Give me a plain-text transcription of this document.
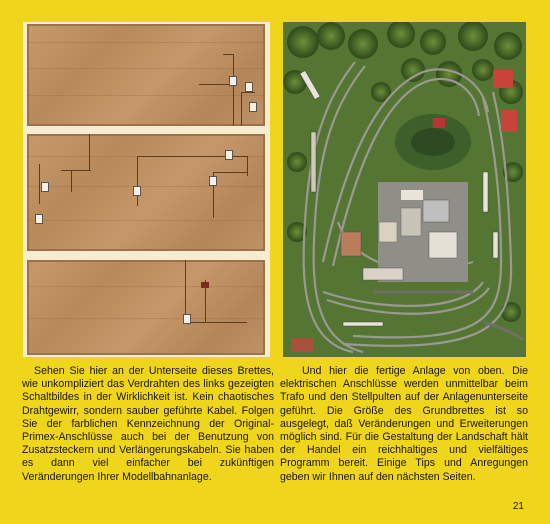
Sehen Sie hier an der Unterseite dieses Brettes, wie unkompliziert das Verdrahten des links gezeigten Schaltbildes in der Wirklichkeit ist. Kein chaotisches Drahtgewirr, sondern sauber geführte Kabel. Folgen Sie der farblichen Kennzeichnung der Original-Primex-Anschlüsse auch bei der Benutzung von Zusatzsteckern und Verlängerungskabeln. Sie haben es dann viel einfacher bei zukünftigen Veränderungen Ihrer Modellbahnanlage.

Und hier die fertige Anlage von oben. Die elektrischen Anschlüsse werden unmittelbar beim Trafo und den Stellpulten auf der Anlagenunterseite geführt. Die Größe des Grundbrettes ist so ausgelegt, daß Veränderungen und Erweiterungen möglich sind. Für die Gestaltung der Landschaft hält der Handel ein reichhaltiges und vielfältiges Programm bereit. Einige Tips und Anregungen geben wir Ihnen auf den nächsten Seiten.

21
